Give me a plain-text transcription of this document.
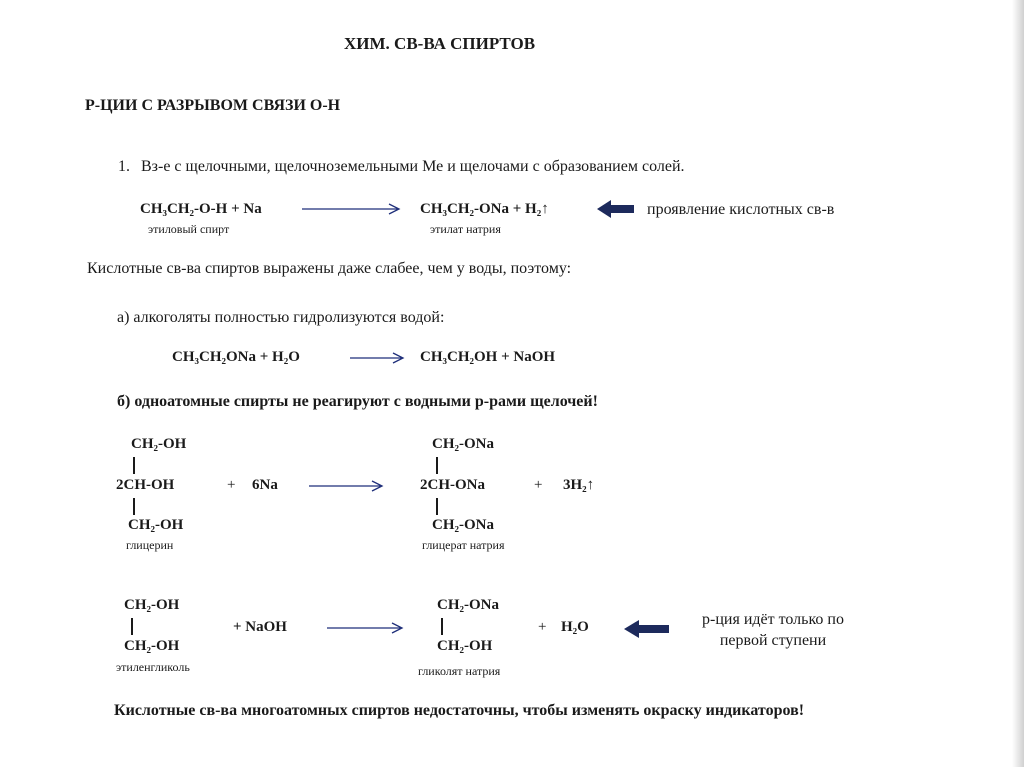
ХИМ. СВ-ВА СПИРТОВ
Р-ЦИИ С РАЗРЫВОМ СВЯЗИ О-Н
1. Вз-е с щелочными, щелочноземельными Ме и щелочами с образованием солей.
CH₃CH₂-O-H + Na	CH₃CH₂-ONa + H₂↑	проявление кислотных св-в
этиловый спирт	этилат натрия
Кислотные св-ва спиртов выражены даже слабее, чем у воды, поэтому:
а) алкоголяты полностью гидролизуются водой:
CH₃CH₂ONa + H₂O	→ CH₃CH₂OH + NaOH
б) одноатомные спирты не реагируют с водными р-рами щелочей!
CH₂-OH
2CH-OH
CH₂-OH
глицерин
+ 6Na
CH₂-ONa
2CH-ONa
CH₂-ONa
глицерат натрия
+ 3H₂↑
CH₂-OH
CH₂-OH
этиленгликоль
+ NaOH
CH₂-ONa
CH₂-OH
гликолят натрия
+ H₂O	р-ция идёт только по
первой ступени
Кислотные св-ва многоатомных спиртов недостаточны, чтобы изменять окраску индикаторов!
